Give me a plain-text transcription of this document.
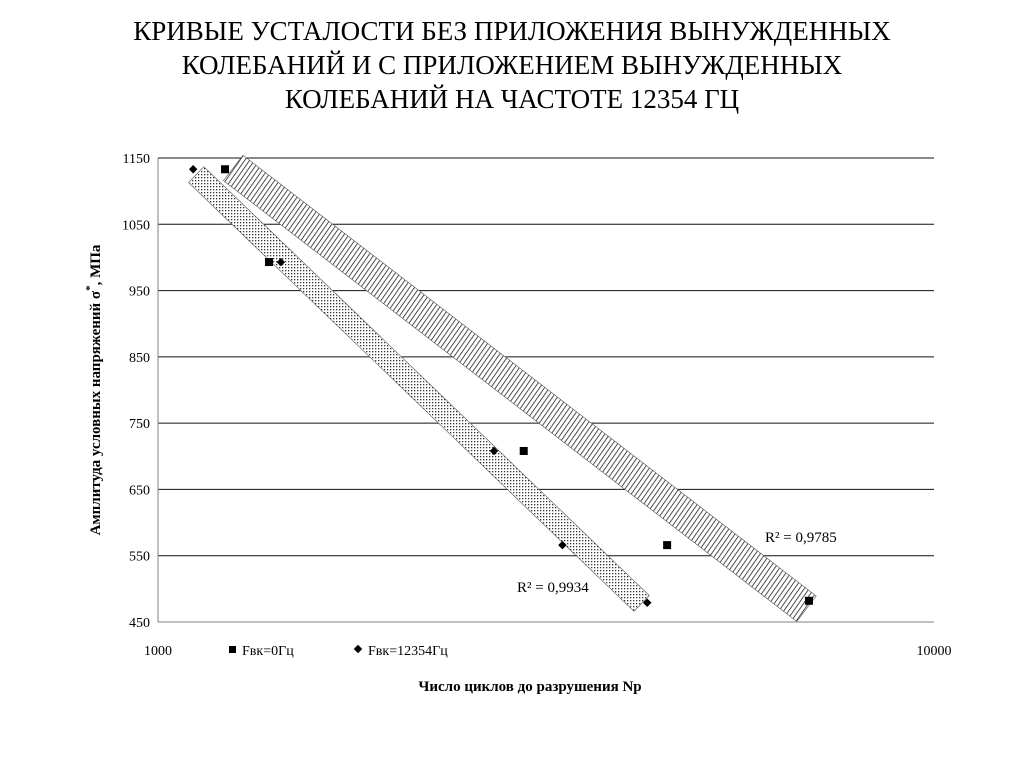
КРИВЫЕ УСТАЛОСТИ БЕЗ ПРИЛОЖЕНИЯ ВЫНУЖДЕННЫХ
КОЛЕБАНИЙ И С ПРИЛОЖЕНИЕМ ВЫНУЖДЕННЫХ
КОЛЕБАНИЙ НА ЧАСТОТЕ 12354 ГЦ
1150
1050
950
850
750
650
550
450
1000	10000
R² = 0,9785
R² = 0,9934
Fвк=0Гц	Fвк=12354Гц
Число циклов до разрушения Np
Амплитуда условных напряжений σ*, МПа
